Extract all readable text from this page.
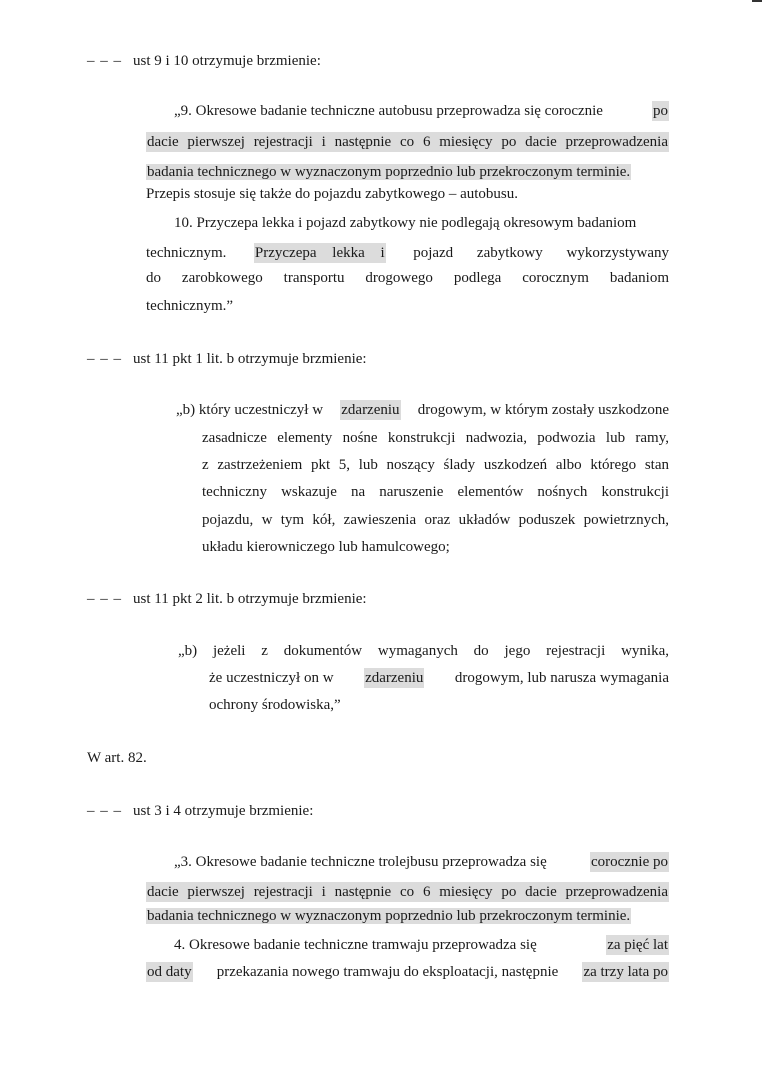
– – – ust 9 i 10 otrzymuje brzmienie:
„9. Okresowe badanie techniczne autobusu przeprowadza się corocznie	po
dacie pierwszej rejestracji i następnie co 6 miesięcy po dacie przeprowadzenia
badania technicznego w wyznaczonym poprzednio lub przekroczonym terminie.
Przepis stosuje się także do pojazdu zabytkowego – autobusu.
10. Przyczepa lekka i pojazd zabytkowy nie podlegają okresowym badaniom
technicznym. Przyczepa lekka i pojazd zabytkowy wykorzystywany
do zarobkowego transportu drogowego podlega corocznym badaniom
technicznym.”
– – – ust 11 pkt 1 lit. b otrzymuje brzmienie:
„b) który uczestniczył w zdarzeniu drogowym, w którym zostały uszkodzone
zasadnicze elementy nośne konstrukcji nadwozia, podwozia lub ramy,
z zastrzeżeniem pkt 5, lub noszący ślady uszkodzeń albo którego stan
techniczny wskazuje na naruszenie elementów nośnych konstrukcji
pojazdu, w tym kół, zawieszenia oraz układów poduszek powietrznych,
układu kierowniczego lub hamulcowego;
– – – ust 11 pkt 2 lit. b otrzymuje brzmienie:
„b) jeżeli z dokumentów wymaganych do jego rejestracji wynika,
że uczestniczył on w zdarzeniu drogowym, lub narusza wymagania
ochrony środowiska,”
W art. 82.
– – – ust 3 i 4 otrzymuje brzmienie:
„3. Okresowe badanie techniczne trolejbusu przeprowadza się	corocznie po
dacie pierwszej rejestracji i następnie co 6 miesięcy po dacie przeprowadzenia
badania technicznego w wyznaczonym poprzednio lub przekroczonym terminie.
4. Okresowe badanie techniczne tramwaju przeprowadza się	za pięć lat
od daty przekazania nowego tramwaju do eksploatacji, następnie za trzy lata po
